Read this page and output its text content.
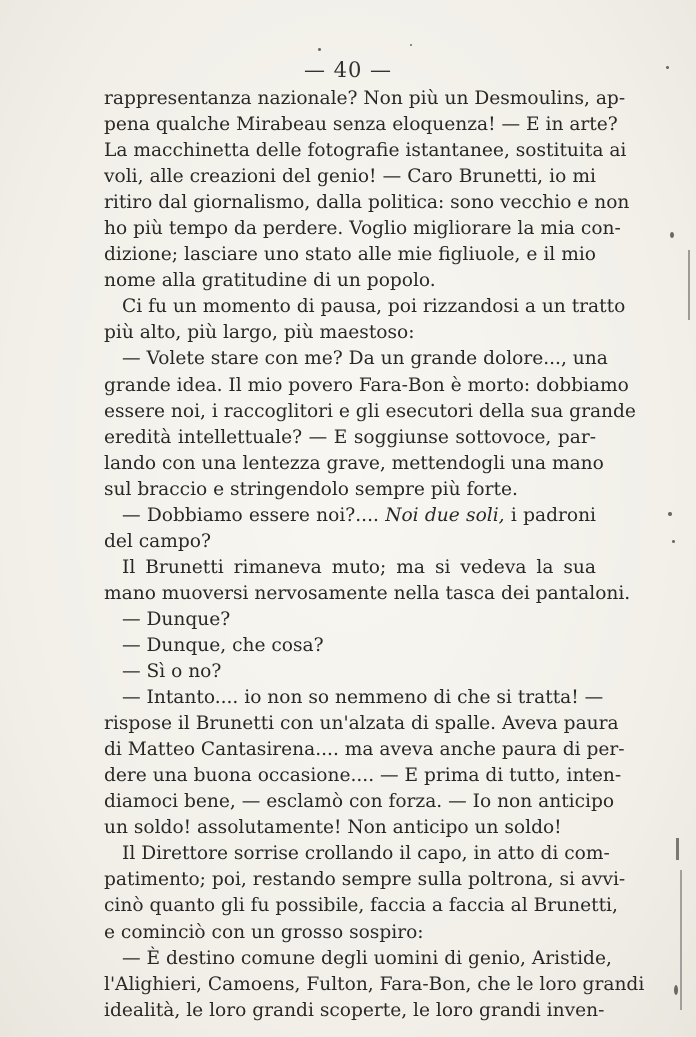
— 40 —
rappresentanza nazionale? Non più un Desmoulins, ap-
pena qualche Mirabeau senza eloquenza! — E in arte?
La macchinetta delle fotografie istantanee, sostituita ai
voli, alle creazioni del genio! — Caro Brunetti, io mi
ritiro dal giornalismo, dalla politica: sono vecchio e non
ho più tempo da perdere. Voglio migliorare la mia con-
dizione; lasciare uno stato alle mie figliuole, e il mio
nome alla gratitudine di un popolo.
Ci fu un momento di pausa, poi rizzandosi a un tratto
più alto, più largo, più maestoso:
— Volete stare con me? Da un grande dolore..., una
grande idea. Il mio povero Fara-Bon è morto: dobbiamo
essere noi, i raccoglitori e gli esecutori della sua grande
eredità intellettuale? — E soggiunse sottovoce, par-
lando con una lentezza grave, mettendogli una mano
sul braccio e stringendolo sempre più forte.
— Dobbiamo essere noi?.... Noi due soli, i padroni
del campo?
Il Brunetti rimaneva muto; ma si vedeva la sua
mano muoversi nervosamente nella tasca dei pantaloni.
— Dunque?
— Dunque, che cosa?
— Sì o no?
— Intanto.... io non so nemmeno di che si tratta! —
rispose il Brunetti con un'alzata di spalle. Aveva paura
di Matteo Cantasirena.... ma aveva anche paura di per-
dere una buona occasione.... — E prima di tutto, inten-
diamoci bene, — esclamò con forza. — Io non anticipo
un soldo! assolutamente! Non anticipo un soldo!
Il Direttore sorrise crollando il capo, in atto di com-
patimento; poi, restando sempre sulla poltrona, si avvi-
cinò quanto gli fu possibile, faccia a faccia al Brunetti,
e cominciò con un grosso sospiro:
— È destino comune degli uomini di genio, Aristide,
l'Alighieri, Camoens, Fulton, Fara-Bon, che le loro grandi
idealità, le loro grandi scoperte, le loro grandi inven-
